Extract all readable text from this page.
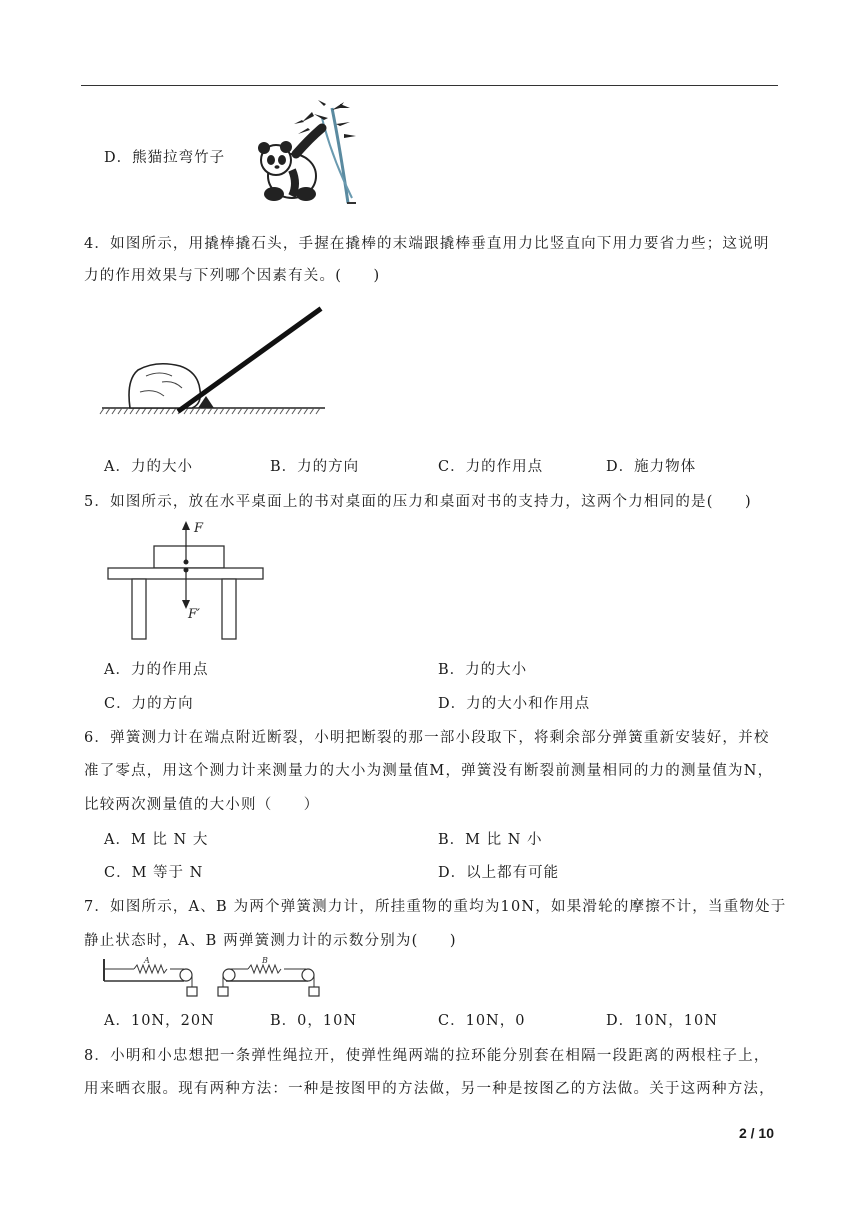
D．熊猫拉弯竹子
4．如图所示，用撬棒撬石头，手握在撬棒的末端跟撬棒垂直用力比竖直向下用力要省力些；这说明
力的作用效果与下列哪个因素有关。(　　)
A．力的大小	B．力的方向	C．力的作用点	D．施力物体
5．如图所示，放在水平桌面上的书对桌面的压力和桌面对书的支持力，这两个力相同的是(　　)
F
F′
A．力的作用点	B．力的大小
C．力的方向	D．力的大小和作用点
6．弹簧测力计在端点附近断裂，小明把断裂的那一部小段取下，将剩余部分弹簧重新安装好，并校
准了零点，用这个测力计来测量力的大小为测量值M，弹簧没有断裂前测量相同的力的测量值为N，
比较两次测量值的大小则（　　）
A．M 比 N 大	B．M 比 N 小
C．M 等于 N	D．以上都有可能
7．如图所示，A、B 为两个弹簧测力计，所挂重物的重均为10N，如果滑轮的摩擦不计，当重物处于
静止状态时，A、B 两弹簧测力计的示数分别为(　　)
A	B
A．10N，20N	B．0，10N	C．10N，0	D．10N，10N
8．小明和小忠想把一条弹性绳拉开，使弹性绳两端的拉环能分别套在相隔一段距离的两根柱子上，
用来晒衣服。现有两种方法：一种是按图甲的方法做，另一种是按图乙的方法做。关于这两种方法，
2 / 10
